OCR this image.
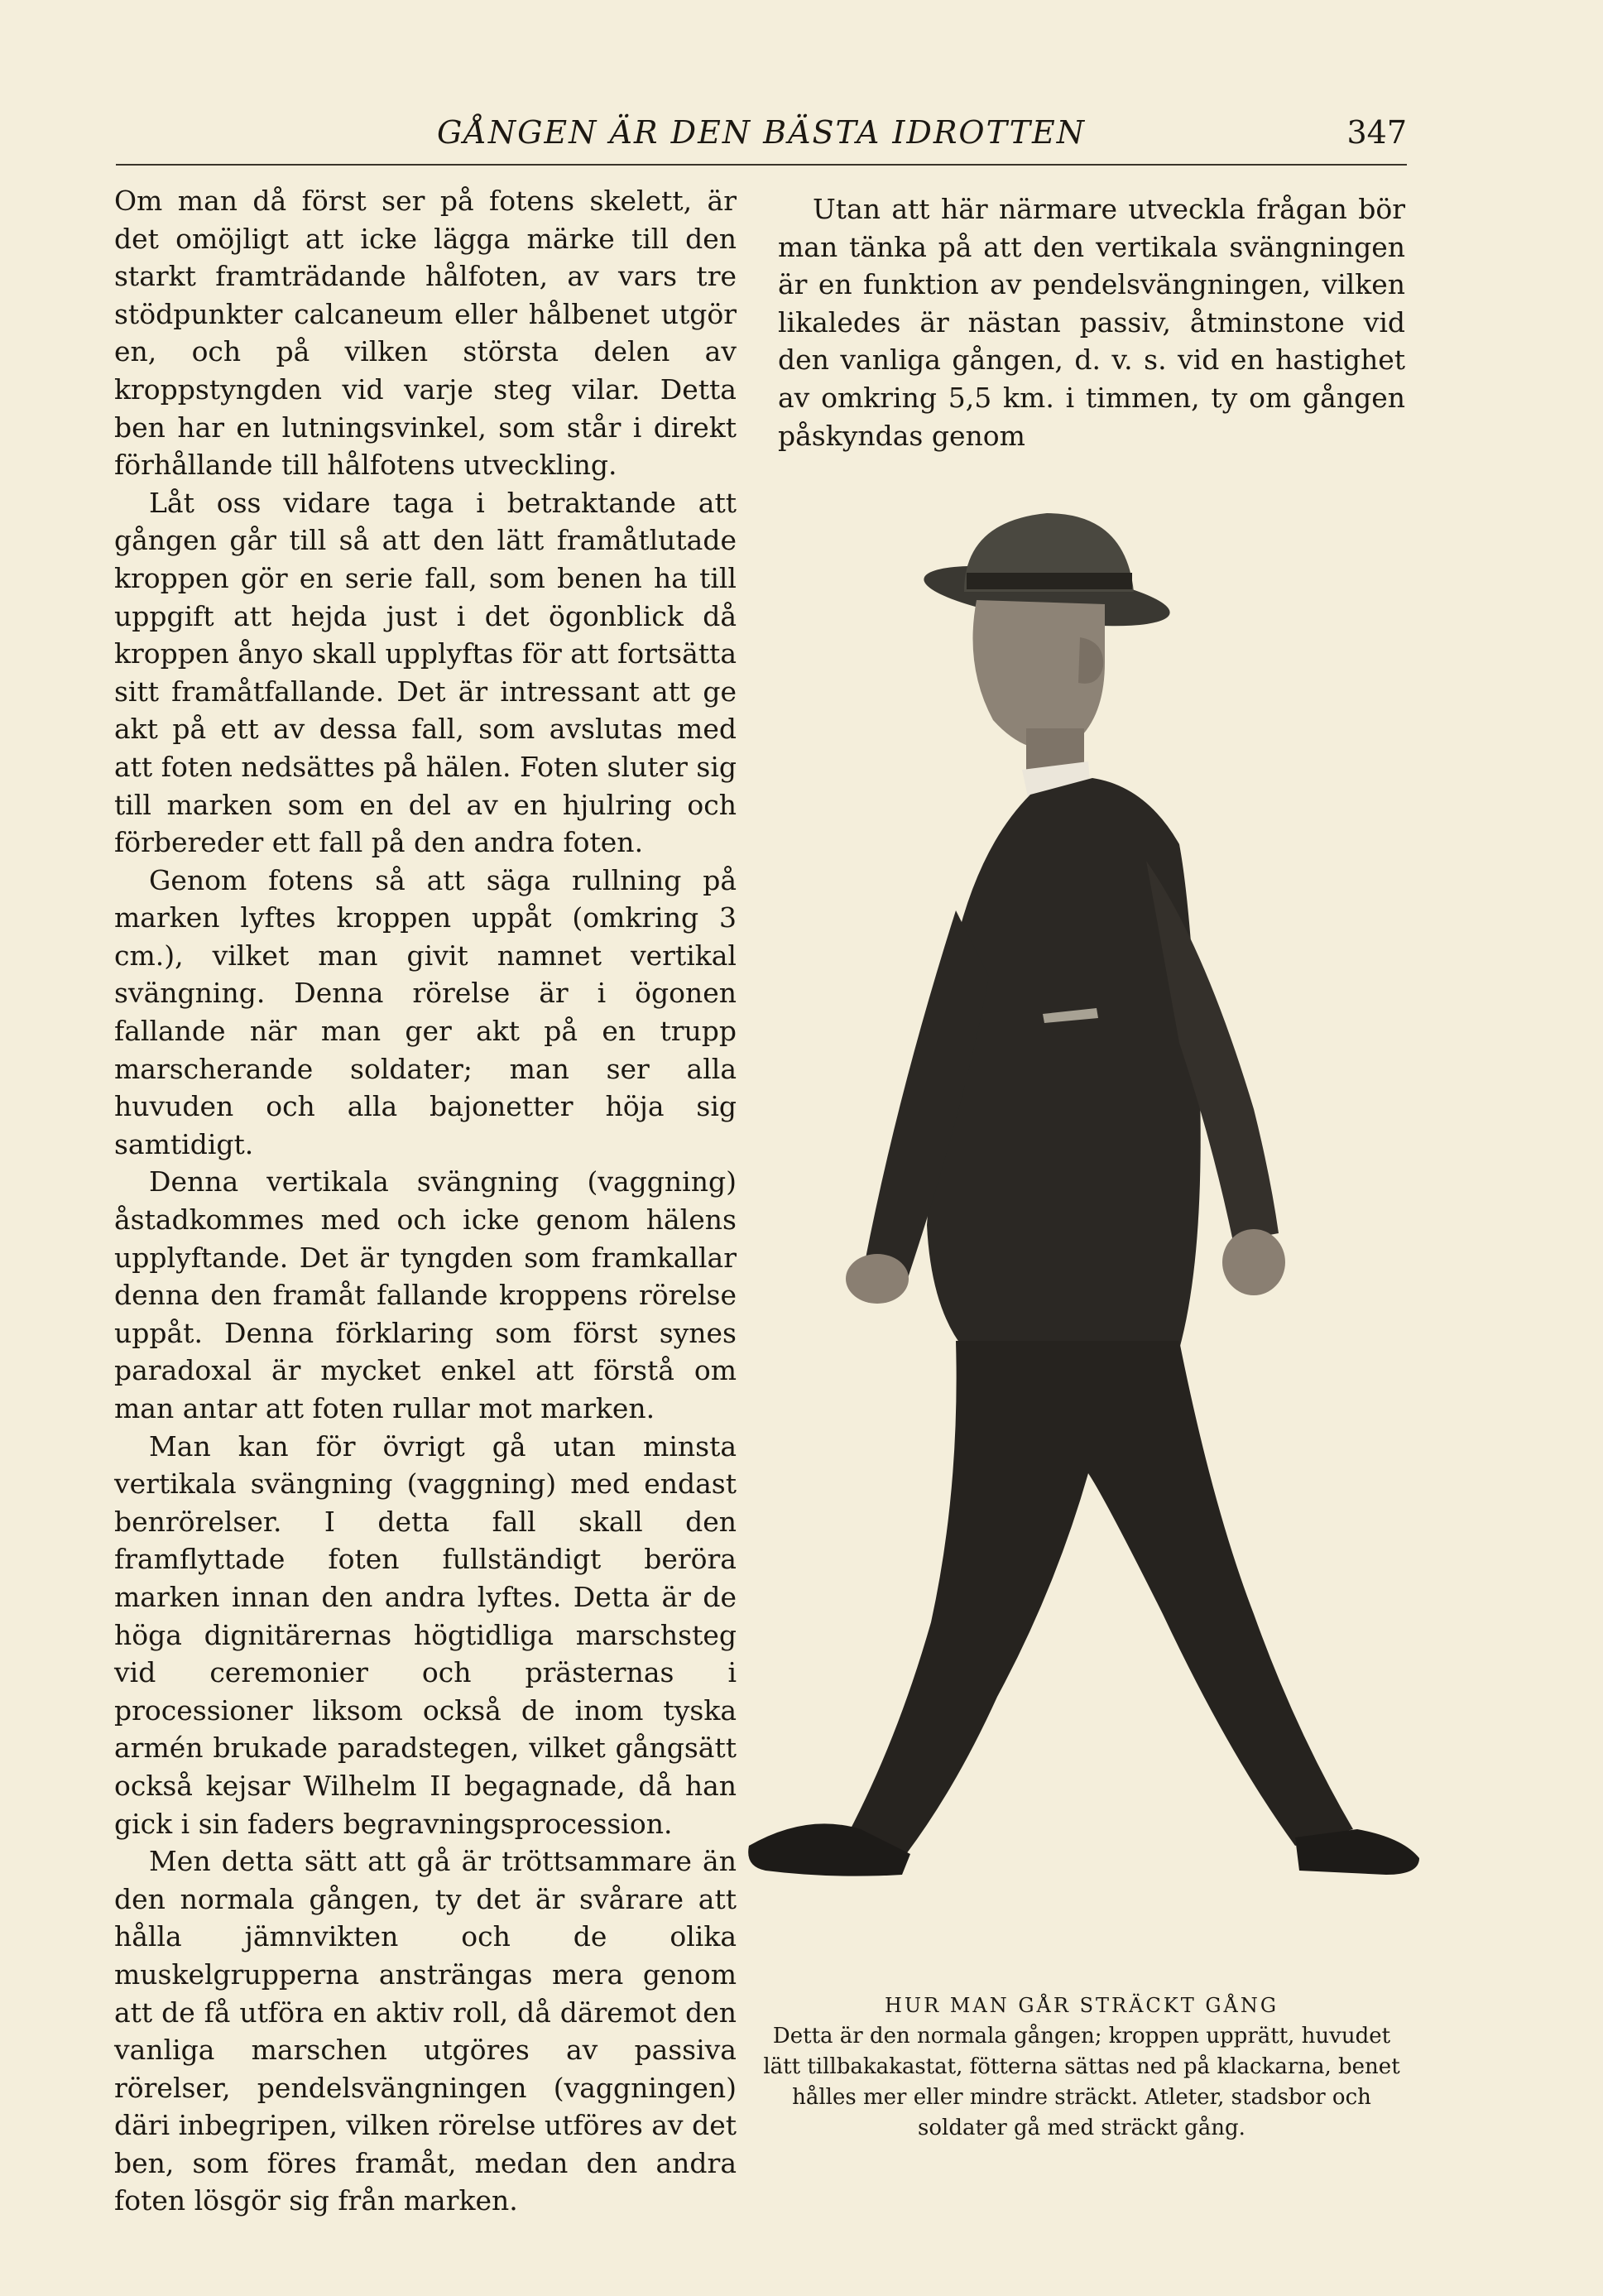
GÅNGEN ÄR DEN BÄSTA IDROTTEN	347

Om man då först ser på fotens skelett, är det omöjligt att icke lägga märke till den starkt framträdande hålfoten, av vars tre stödpunkter calcaneum eller hålbenet utgör en, och på vilken största delen av kroppstyngden vid varje steg vilar. Detta ben har en lutningsvinkel, som står i direkt förhållande till hålfotens utveckling.

Låt oss vidare taga i betraktande att gången går till så att den lätt framåtlutade kroppen gör en serie fall, som benen ha till uppgift att hejda just i det ögonblick då kroppen ånyo skall upplyftas för att fortsätta sitt framåtfallande. Det är intressant att ge akt på ett av dessa fall, som avslutas med att foten nedsättes på hälen. Foten sluter sig till marken som en del av en hjulring och förbereder ett fall på den andra foten.

Genom fotens så att säga rullning på marken lyftes kroppen uppåt (omkring 3 cm.), vilket man givit namnet vertikal svängning. Denna rörelse är i ögonen fallande när man ger akt på en trupp marscherande soldater; man ser alla huvuden och alla bajonetter höja sig samtidigt.

Denna vertikala svängning (vaggning) åstadkommes med och icke genom hälens upplyftande. Det är tyngden som framkallar denna den framåt fallande kroppens rörelse uppåt. Denna förklaring som först synes paradoxal är mycket enkel att förstå om man antar att foten rullar mot marken.

Man kan för övrigt gå utan minsta vertikala svängning (vaggning) med endast benrörelser. I detta fall skall den framflyttade foten fullständigt beröra marken innan den andra lyftes. Detta är de höga dignitärernas högtidliga marschsteg vid ceremonier och prästernas i processioner liksom också de inom tyska armén brukade paradstegen, vilket gångsätt också kejsar Wilhelm II begagnade, då han gick i sin faders begravningsprocession.

Men detta sätt att gå är tröttsammare än den normala gången, ty det är svårare att hålla jämnvikten och de olika muskelgrupperna ansträngas mera genom att de få utföra en aktiv roll, då däremot den vanliga marschen utgöres av passiva rörelser, pendelsvängningen (vaggningen) däri inbegripen, vilken rörelse utföres av det ben, som föres framåt, medan den andra foten lösgör sig från marken.

Utan att här närmare utveckla frågan bör man tänka på att den vertikala svängningen är en funktion av pendelsvängningen, vilken likaledes är nästan passiv, åtminstone vid den vanliga gången, d. v. s. vid en hastighet av omkring 5,5 km. i timmen, ty om gången påskyndas genom

HUR MAN GÅR STRÄCKT GÅNG
Detta är den normala gången; kroppen upprätt, huvudet lätt tillbakakastat, fötterna sättas ned på klackarna, benet hålles mer eller mindre sträckt. Atleter, stadsbor och soldater gå med sträckt gång.
